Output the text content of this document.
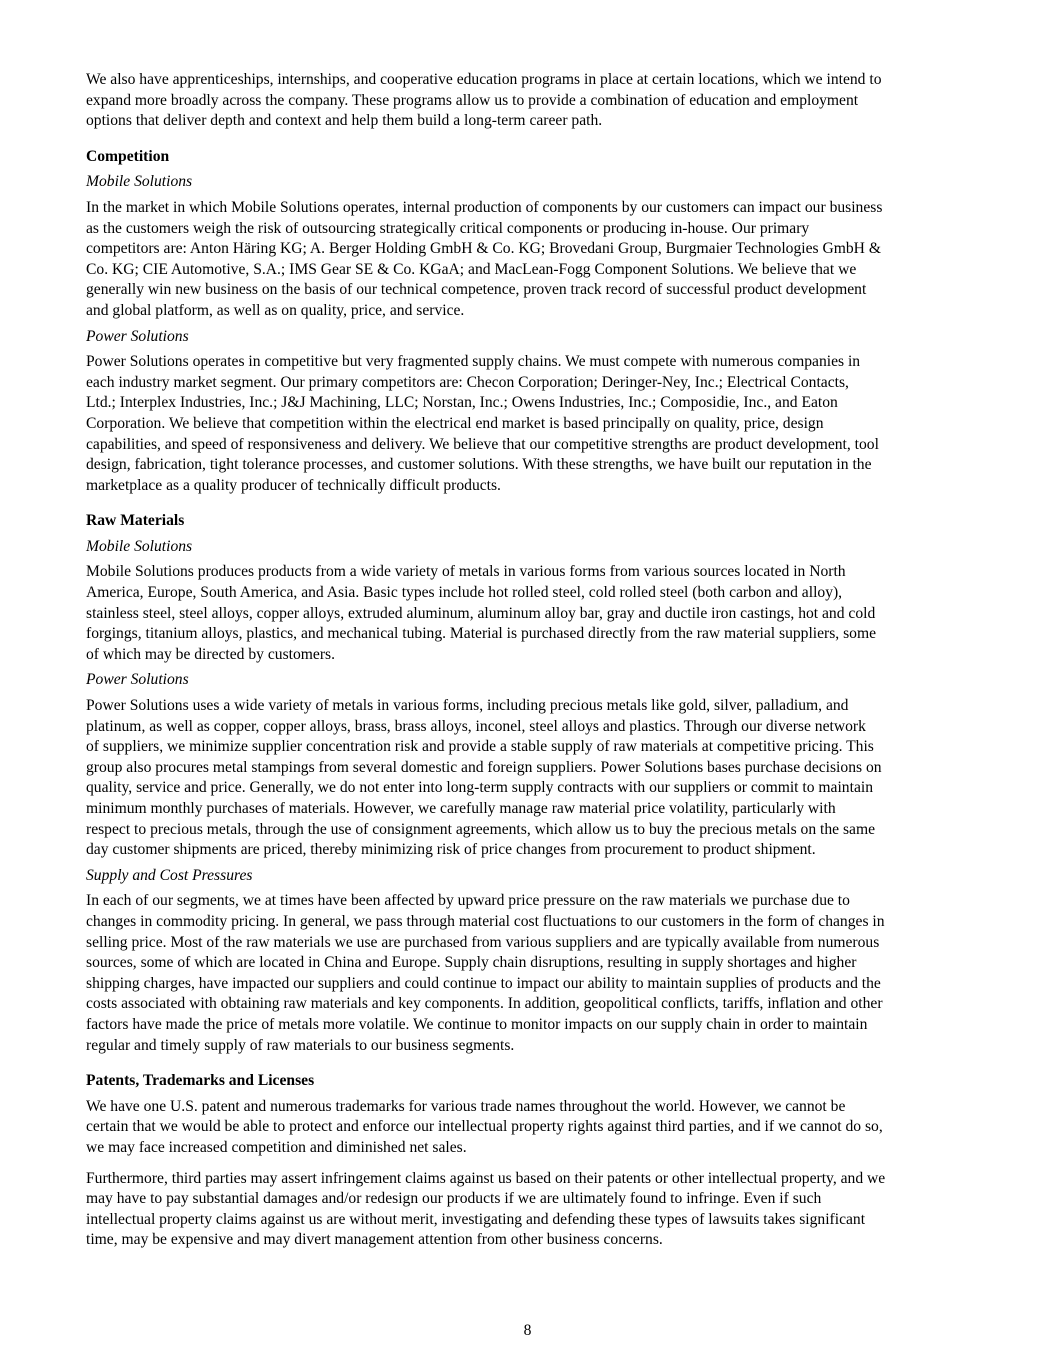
We also have apprenticeships, internships, and cooperative education programs in place at certain locations, which we intend to
expand more broadly across the company. These programs allow us to provide a combination of education and employment
options that deliver depth and context and help them build a long-term career path.
Competition
Mobile Solutions
In the market in which Mobile Solutions operates, internal production of components by our customers can impact our business
as the customers weigh the risk of outsourcing strategically critical components or producing in-house. Our primary
competitors are: Anton Häring KG; A. Berger Holding GmbH & Co. KG; Brovedani Group, Burgmaier Technologies GmbH &
Co. KG; CIE Automotive, S.A.; IMS Gear SE & Co. KGaA; and MacLean-Fogg Component Solutions. We believe that we
generally win new business on the basis of our technical competence, proven track record of successful product development
and global platform, as well as on quality, price, and service.
Power Solutions
Power Solutions operates in competitive but very fragmented supply chains. We must compete with numerous companies in
each industry market segment. Our primary competitors are: Checon Corporation; Deringer-Ney, Inc.; Electrical Contacts,
Ltd.; Interplex Industries, Inc.; J&J Machining, LLC; Norstan, Inc.; Owens Industries, Inc.; Composidie, Inc., and Eaton
Corporation. We believe that competition within the electrical end market is based principally on quality, price, design
capabilities, and speed of responsiveness and delivery. We believe that our competitive strengths are product development, tool
design, fabrication, tight tolerance processes, and customer solutions. With these strengths, we have built our reputation in the
marketplace as a quality producer of technically difficult products.
Raw Materials
Mobile Solutions
Mobile Solutions produces products from a wide variety of metals in various forms from various sources located in North
America, Europe, South America, and Asia. Basic types include hot rolled steel, cold rolled steel (both carbon and alloy),
stainless steel, steel alloys, copper alloys, extruded aluminum, aluminum alloy bar, gray and ductile iron castings, hot and cold
forgings, titanium alloys, plastics, and mechanical tubing. Material is purchased directly from the raw material suppliers, some
of which may be directed by customers.
Power Solutions
Power Solutions uses a wide variety of metals in various forms, including precious metals like gold, silver, palladium, and
platinum, as well as copper, copper alloys, brass, brass alloys, inconel, steel alloys and plastics. Through our diverse network
of suppliers, we minimize supplier concentration risk and provide a stable supply of raw materials at competitive pricing. This
group also procures metal stampings from several domestic and foreign suppliers. Power Solutions bases purchase decisions on
quality, service and price. Generally, we do not enter into long-term supply contracts with our suppliers or commit to maintain
minimum monthly purchases of materials. However, we carefully manage raw material price volatility, particularly with
respect to precious metals, through the use of consignment agreements, which allow us to buy the precious metals on the same
day customer shipments are priced, thereby minimizing risk of price changes from procurement to product shipment.
Supply and Cost Pressures
In each of our segments, we at times have been affected by upward price pressure on the raw materials we purchase due to
changes in commodity pricing. In general, we pass through material cost fluctuations to our customers in the form of changes in
selling price. Most of the raw materials we use are purchased from various suppliers and are typically available from numerous
sources, some of which are located in China and Europe. Supply chain disruptions, resulting in supply shortages and higher
shipping charges, have impacted our suppliers and could continue to impact our ability to maintain supplies of products and the
costs associated with obtaining raw materials and key components. In addition, geopolitical conflicts, tariffs, inflation and other
factors have made the price of metals more volatile. We continue to monitor impacts on our supply chain in order to maintain
regular and timely supply of raw materials to our business segments.
Patents, Trademarks and Licenses
We have one U.S. patent and numerous trademarks for various trade names throughout the world. However, we cannot be
certain that we would be able to protect and enforce our intellectual property rights against third parties, and if we cannot do so,
we may face increased competition and diminished net sales.
Furthermore, third parties may assert infringement claims against us based on their patents or other intellectual property, and we
may have to pay substantial damages and/or redesign our products if we are ultimately found to infringe. Even if such
intellectual property claims against us are without merit, investigating and defending these types of lawsuits takes significant
time, may be expensive and may divert management attention from other business concerns.
8
